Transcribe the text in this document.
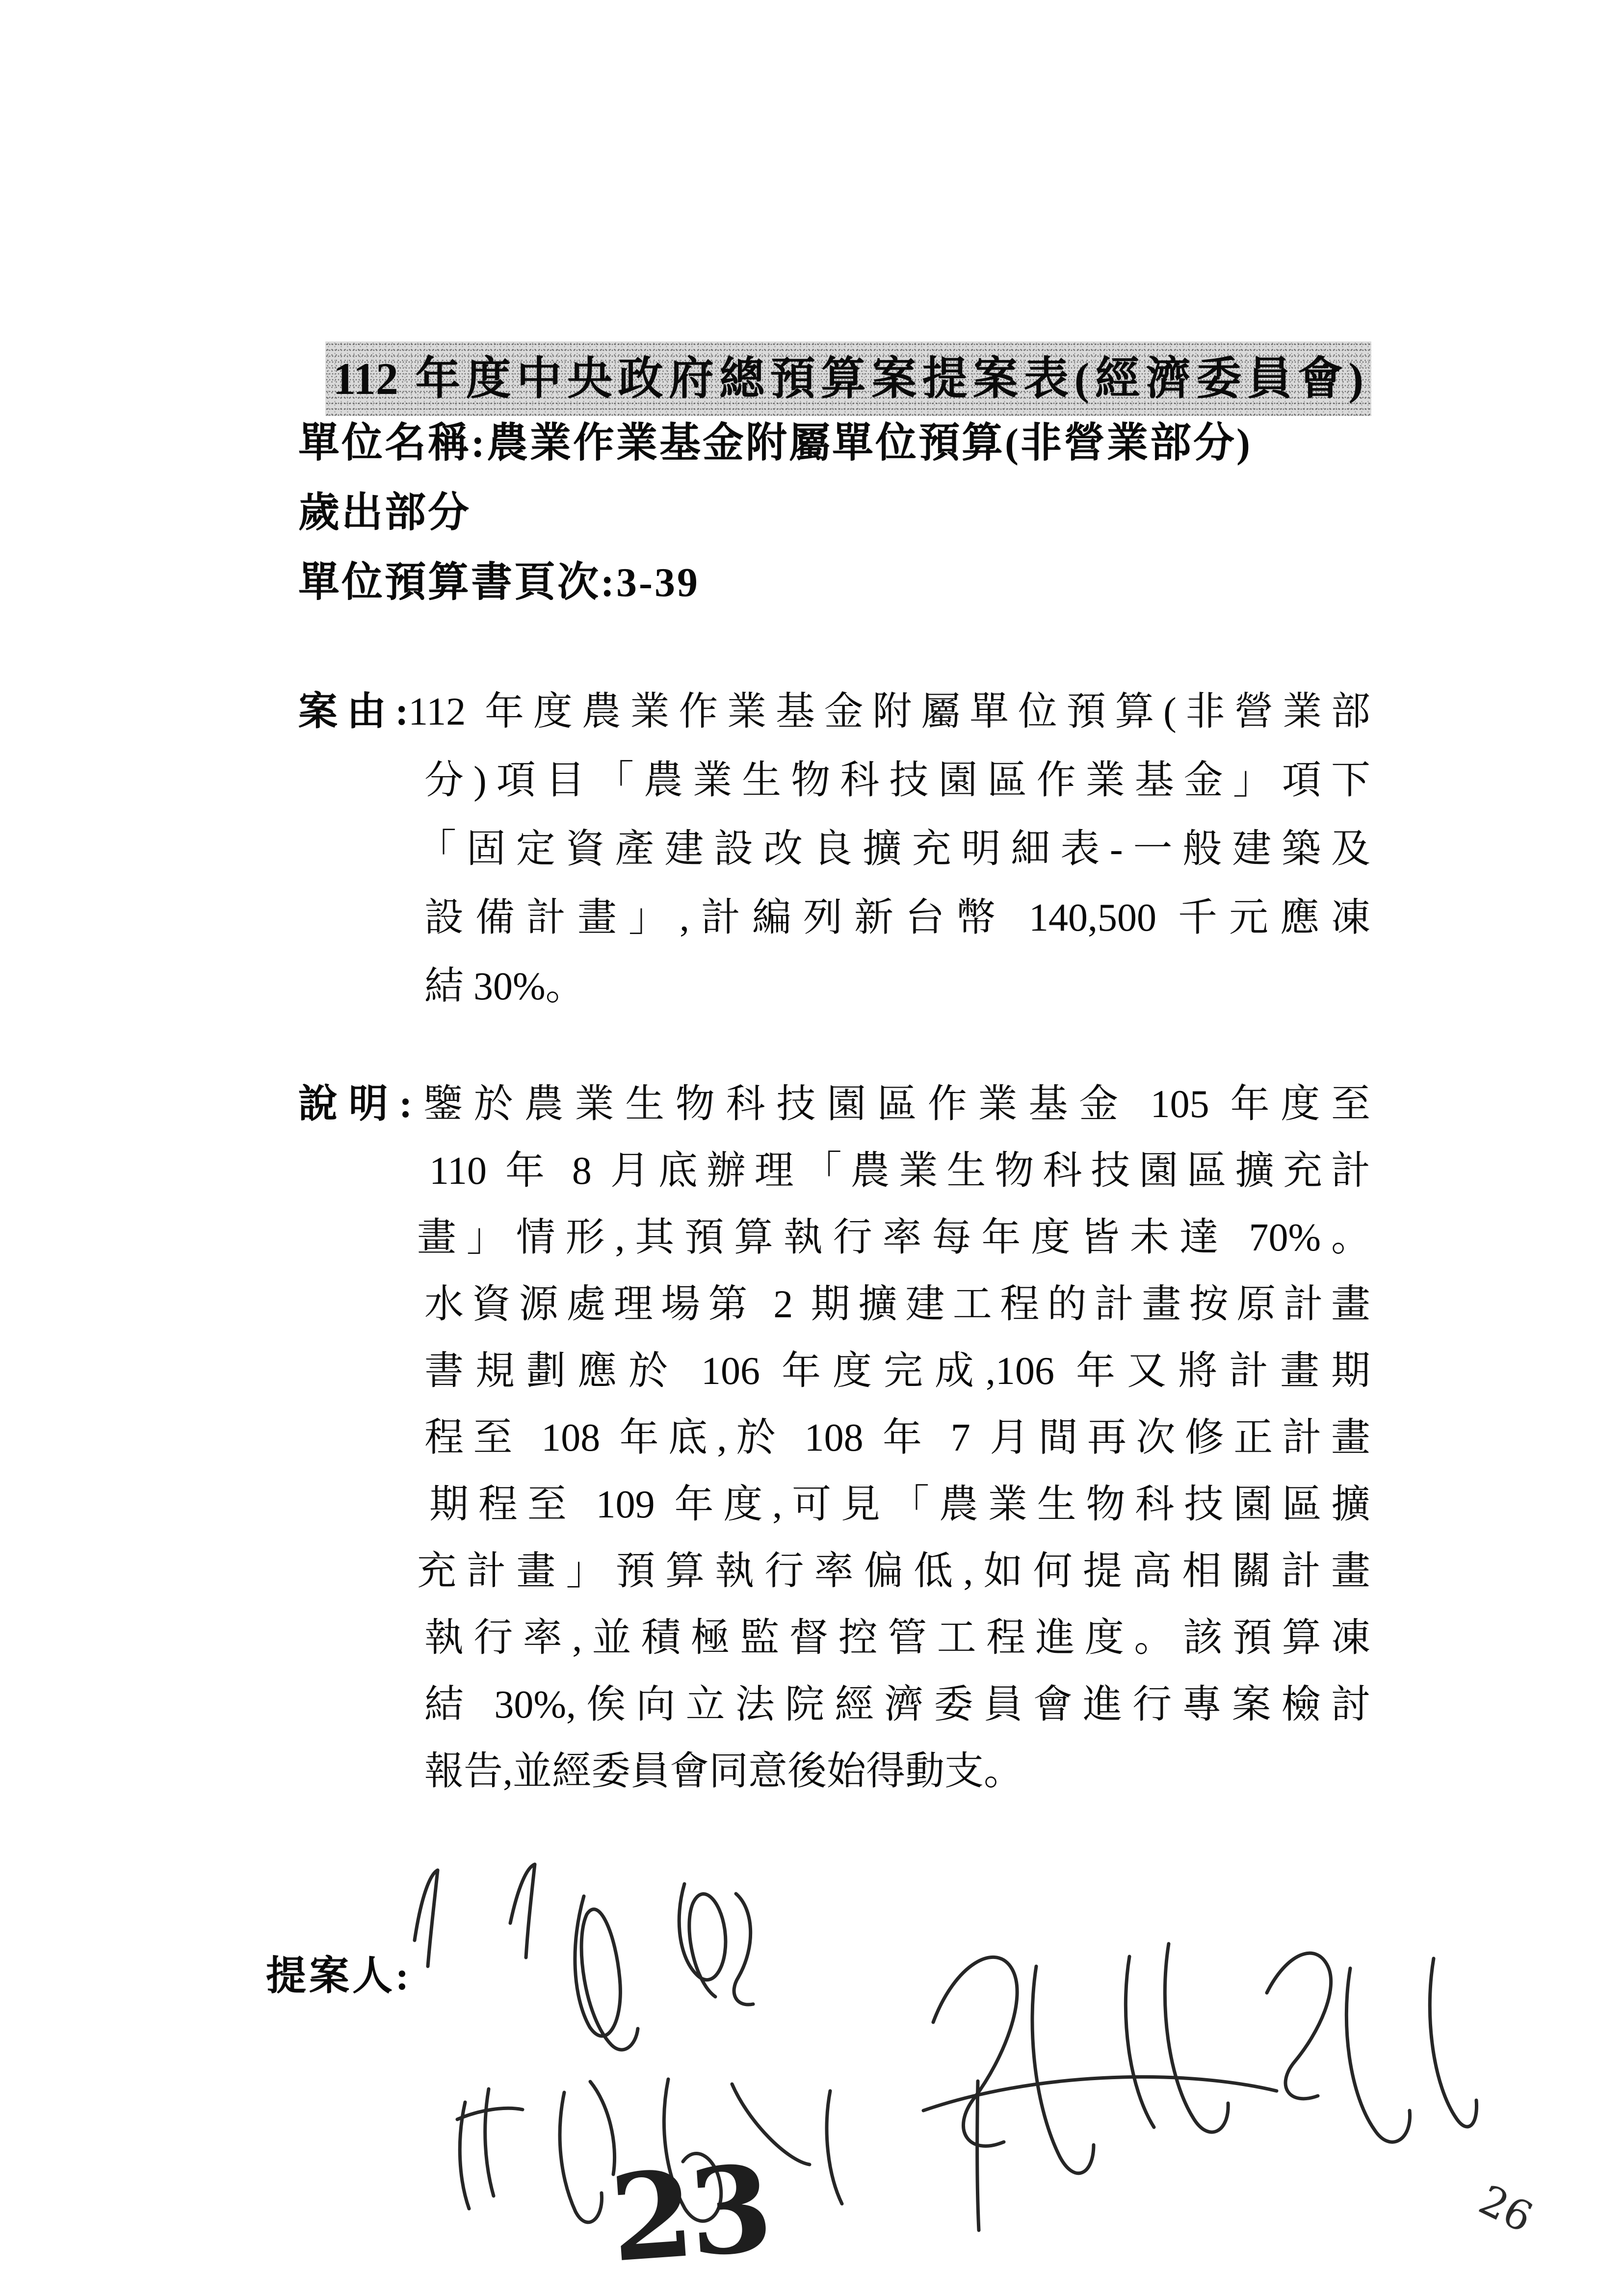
112 年度中央政府總預算案提案表(經濟委員會)
單位名稱:農業作業基金附屬單位預算(非營業部分)
歲出部分
單位預算書頁次:3-39
案由:112 年度農業作業基金附屬單位預算(非營業部
分)項目「農業生物科技園區作業基金」項下
「固定資產建設改良擴充明細表-一般建築及
設備計畫」,計編列新台幣 140,500 千元應凍
結 30%。
說明:鑒於農業生物科技園區作業基金 105 年度至
110 年 8 月底辦理「農業生物科技園區擴充計
畫」情形,其預算執行率每年度皆未達 70%。
水資源處理場第 2 期擴建工程的計畫按原計畫
書規劃應於 106 年度完成,106 年又將計畫期
程至 108 年底,於 108 年 7 月間再次修正計畫
期程至 109 年度,可見「農業生物科技園區擴
充計畫」預算執行率偏低,如何提高相關計畫
執行率,並積極監督控管工程進度。該預算凍
結 30%,俟向立法院經濟委員會進行專案檢討
報告,並經委員會同意後始得動支。
提案人:
23	26
